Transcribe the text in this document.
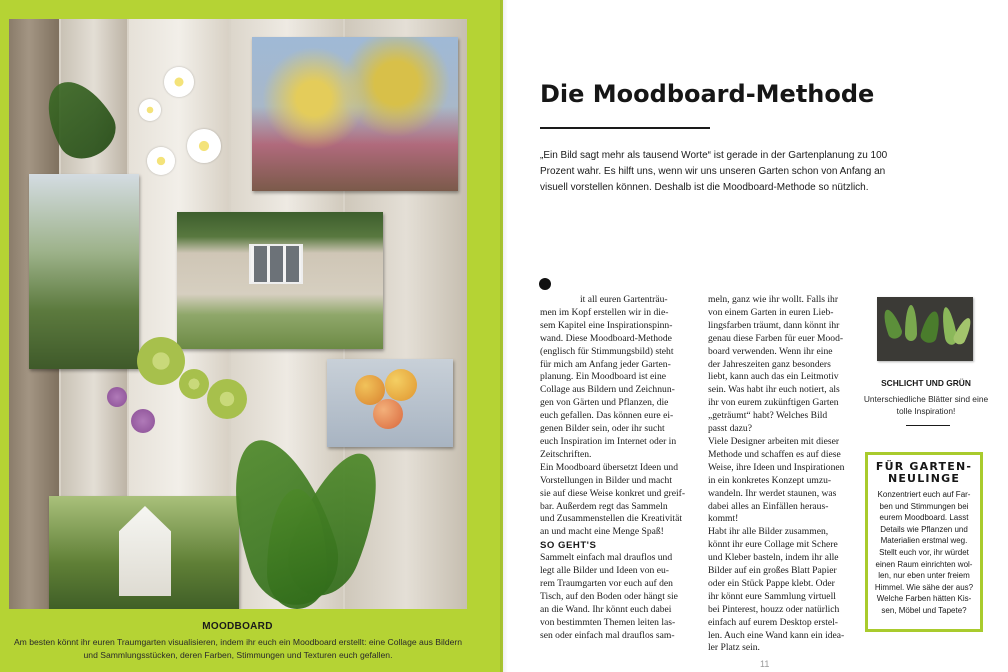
MOODBOARD
Am besten könnt ihr euren Traumgarten visualisieren, indem ihr euch ein Moodboard erstellt: eine Collage aus Bildern und Sammlungsstücken, deren Farben, Stimmungen und Texturen euch gefallen.
Die Moodboard-Methode
„Ein Bild sagt mehr als tausend Worte“ ist gerade in der Gartenplanung zu 100 Prozent wahr. Es hilft uns, wenn wir uns unseren Garten schon von Anfang an visuell vorstellen können. Deshalb ist die Moodboard-Methode so nützlich.

it all euren Gartenträu-

men im Kopf erstellen wir in die-

sem Kapitel eine Inspirationspinn-

wand. Diese Moodboard-Methode

(englisch für Stimmungsbild) steht

für mich am Anfang jeder Garten-

planung. Ein Moodboard ist eine

Collage aus Bildern und Zeichnun-

gen von Gärten und Pflanzen, die

euch gefallen. Das können eure ei-

genen Bilder sein, oder ihr sucht

euch Inspiration im Internet oder in

Zeitschriften.

Ein Moodboard übersetzt Ideen und

Vorstellungen in Bilder und macht

sie auf diese Weise konkret und greif-

bar. Außerdem regt das Sammeln

und Zusammenstellen die Kreativität

an und macht eine Menge Spaß!

SO GEHT'S

Sammelt einfach mal drauflos und

legt alle Bilder und Ideen von eu-

rem Traumgarten vor euch auf den

Tisch, auf den Boden oder hängt sie

an die Wand. Ihr könnt euch dabei

von bestimmten Themen leiten las-

sen oder einfach mal drauflos sam-

meln, ganz wie ihr wollt. Falls ihr

von einem Garten in euren Lieb-

lingsfarben träumt, dann könnt ihr

genau diese Farben für euer Mood-

board verwenden. Wenn ihr eine

der Jahreszeiten ganz besonders

liebt, kann auch das ein Leitmotiv

sein. Was habt ihr euch notiert, als

ihr von eurem zukünftigen Garten

„geträumt“ habt? Welches Bild

passt dazu?

Viele Designer arbeiten mit dieser

Methode und schaffen es auf diese

Weise, ihre Ideen und Inspirationen

in ein konkretes Konzept umzu-

wandeln. Ihr werdet staunen, was

dabei alles an Einfällen heraus-

kommt!

Habt ihr alle Bilder zusammen,

könnt ihr eure Collage mit Schere

und Kleber basteln, indem ihr alle

Bilder auf ein großes Blatt Papier

oder ein Stück Pappe klebt. Oder

ihr könnt eure Sammlung virtuell

bei Pinterest, houzz oder natürlich

einfach auf eurem Desktop erstel-

len. Auch eine Wand kann ein idea-

ler Platz sein.

SCHLICHT UND GRÜN
Unterschiedliche Blätter sind eine tolle Inspiration!
FÜR GARTEN-
NEULINGE

Konzentriert euch auf Far-

ben und Stimmungen bei

eurem Moodboard. Lasst

Details wie Pflanzen und

Materialien erstmal weg.

Stellt euch vor, ihr würdet

einen Raum einrichten wol-

len, nur eben unter freiem

Himmel. Wie sähe der aus?

Welche Farben hätten Kis-

sen, Möbel und Tapete?

11
